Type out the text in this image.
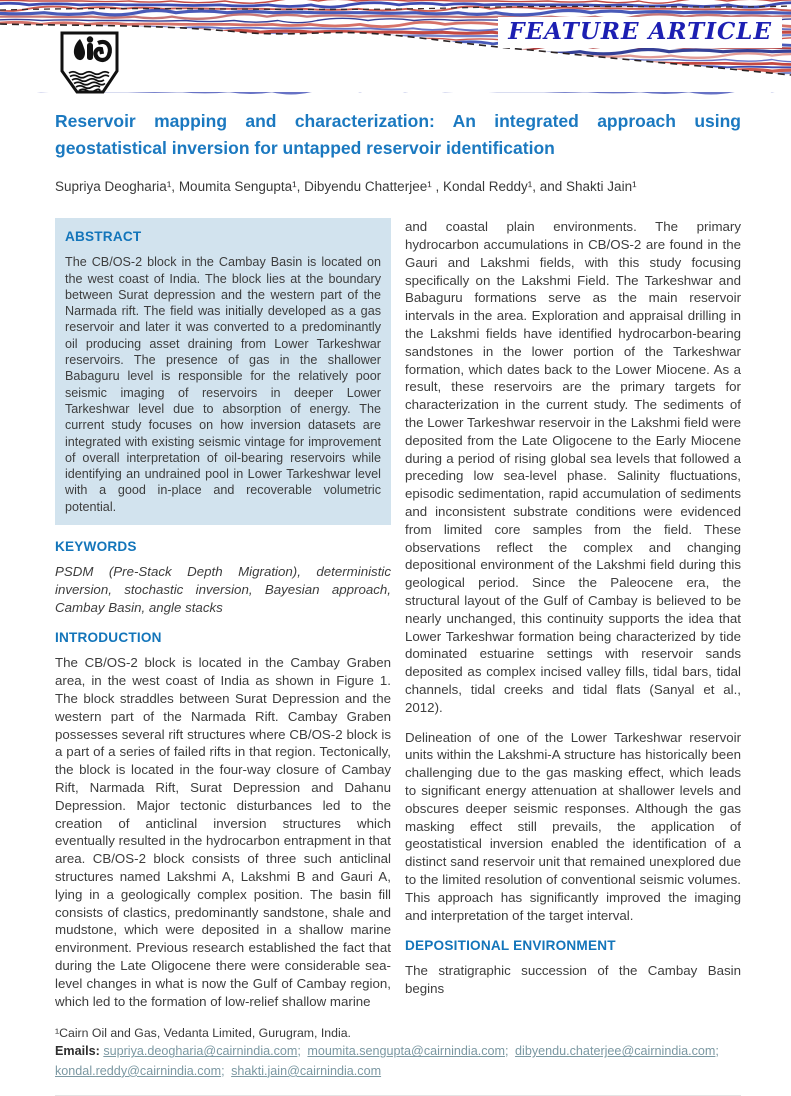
FEATURE ARTICLE
Reservoir mapping and characterization: An integrated approach using geostatistical inversion for untapped reservoir identification

Supriya Deogharia¹, Moumita Sengupta¹, Dibyendu Chatterjee¹ , Kondal Reddy¹, and Shakti Jain¹

ABSTRACT

The CB/OS-2 block in the Cambay Basin is located on the west coast of India. The block lies at the boundary between Surat depression and the western part of the Narmada rift. The field was initially developed as a gas reservoir and later it was converted to a predominantly oil producing asset draining from Lower Tarkeshwar reservoirs. The presence of gas in the shallower Babaguru level is responsible for the relatively poor seismic imaging of reservoirs in deeper Lower Tarkeshwar level due to absorption of energy. The current study focuses on how inversion datasets are integrated with existing seismic vintage for improvement of overall interpretation of oil-bearing reservoirs while identifying an undrained pool in Lower Tarkeshwar level with a good in-place and recoverable volumetric potential.

KEYWORDS

PSDM (Pre-Stack Depth Migration), deterministic inversion, stochastic inversion, Bayesian approach, Cambay Basin, angle stacks

INTRODUCTION

The CB/OS-2 block is located in the Cambay Graben area, in the west coast of India as shown in Figure 1. The block straddles between Surat Depression and the western part of the Narmada Rift. Cambay Graben possesses several rift structures where CB/OS-2 block is a part of a series of failed rifts in that region. Tectonically, the block is located in the four-way closure of Cambay Rift, Narmada Rift, Surat Depression and Dahanu Depression. Major tectonic disturbances led to the creation of anticlinal inversion structures which eventually resulted in the hydrocarbon entrapment in that area. CB/OS-2 block consists of three such anticlinal structures named Lakshmi A, Lakshmi B and Gauri A, lying in a geologically complex position. The basin fill consists of clastics, predominantly sandstone, shale and mudstone, which were deposited in a shallow marine environment. Previous research established the fact that during the Late Oligocene there were considerable sea-level changes in what is now the Gulf of Cambay region, which led to the formation of low-relief shallow marine

and coastal plain environments. The primary hydrocarbon accumulations in CB/OS-2 are found in the Gauri and Lakshmi fields, with this study focusing specifically on the Lakshmi Field. The Tarkeshwar and Babaguru formations serve as the main reservoir intervals in the area. Exploration and appraisal drilling in the Lakshmi fields have identified hydrocarbon-bearing sandstones in the lower portion of the Tarkeshwar formation, which dates back to the Lower Miocene. As a result, these reservoirs are the primary targets for characterization in the current study. The sediments of the Lower Tarkeshwar reservoir in the Lakshmi field were deposited from the Late Oligocene to the Early Miocene during a period of rising global sea levels that followed a preceding low sea-level phase. Salinity fluctuations, episodic sedimentation, rapid accumulation of sediments and inconsistent substrate conditions were evidenced from limited core samples from the field. These observations reflect the complex and changing depositional environment of the Lakshmi field during this geological period. Since the Paleocene era, the structural layout of the Gulf of Cambay is believed to be nearly unchanged, this continuity supports the idea that Lower Tarkeshwar formation being characterized by tide dominated estuarine settings with reservoir sands deposited as complex incised valley fills, tidal bars, tidal channels, tidal creeks and tidal flats (Sanyal et al., 2012).

Delineation of one of the Lower Tarkeshwar reservoir units within the Lakshmi-A structure has historically been challenging due to the gas masking effect, which leads to significant energy attenuation at shallower levels and obscures deeper seismic responses. Although the gas masking effect still prevails, the application of geostatistical inversion enabled the identification of a distinct sand reservoir unit that remained unexplored due to the limited resolution of conventional seismic volumes. This approach has significantly improved the imaging and interpretation of the target interval.

DEPOSITIONAL ENVIRONMENT

The stratigraphic succession of the Cambay Basin begins

¹Cairn Oil and Gas, Vedanta Limited, Gurugram, India.

Emails: supriya.deogharia@cairnindia.com; moumita.sengupta@cairnindia.com; dibyendu.chaterjee@cairnindia.com; kondal.reddy@cairnindia.com; shakti.jain@cairnindia.com
